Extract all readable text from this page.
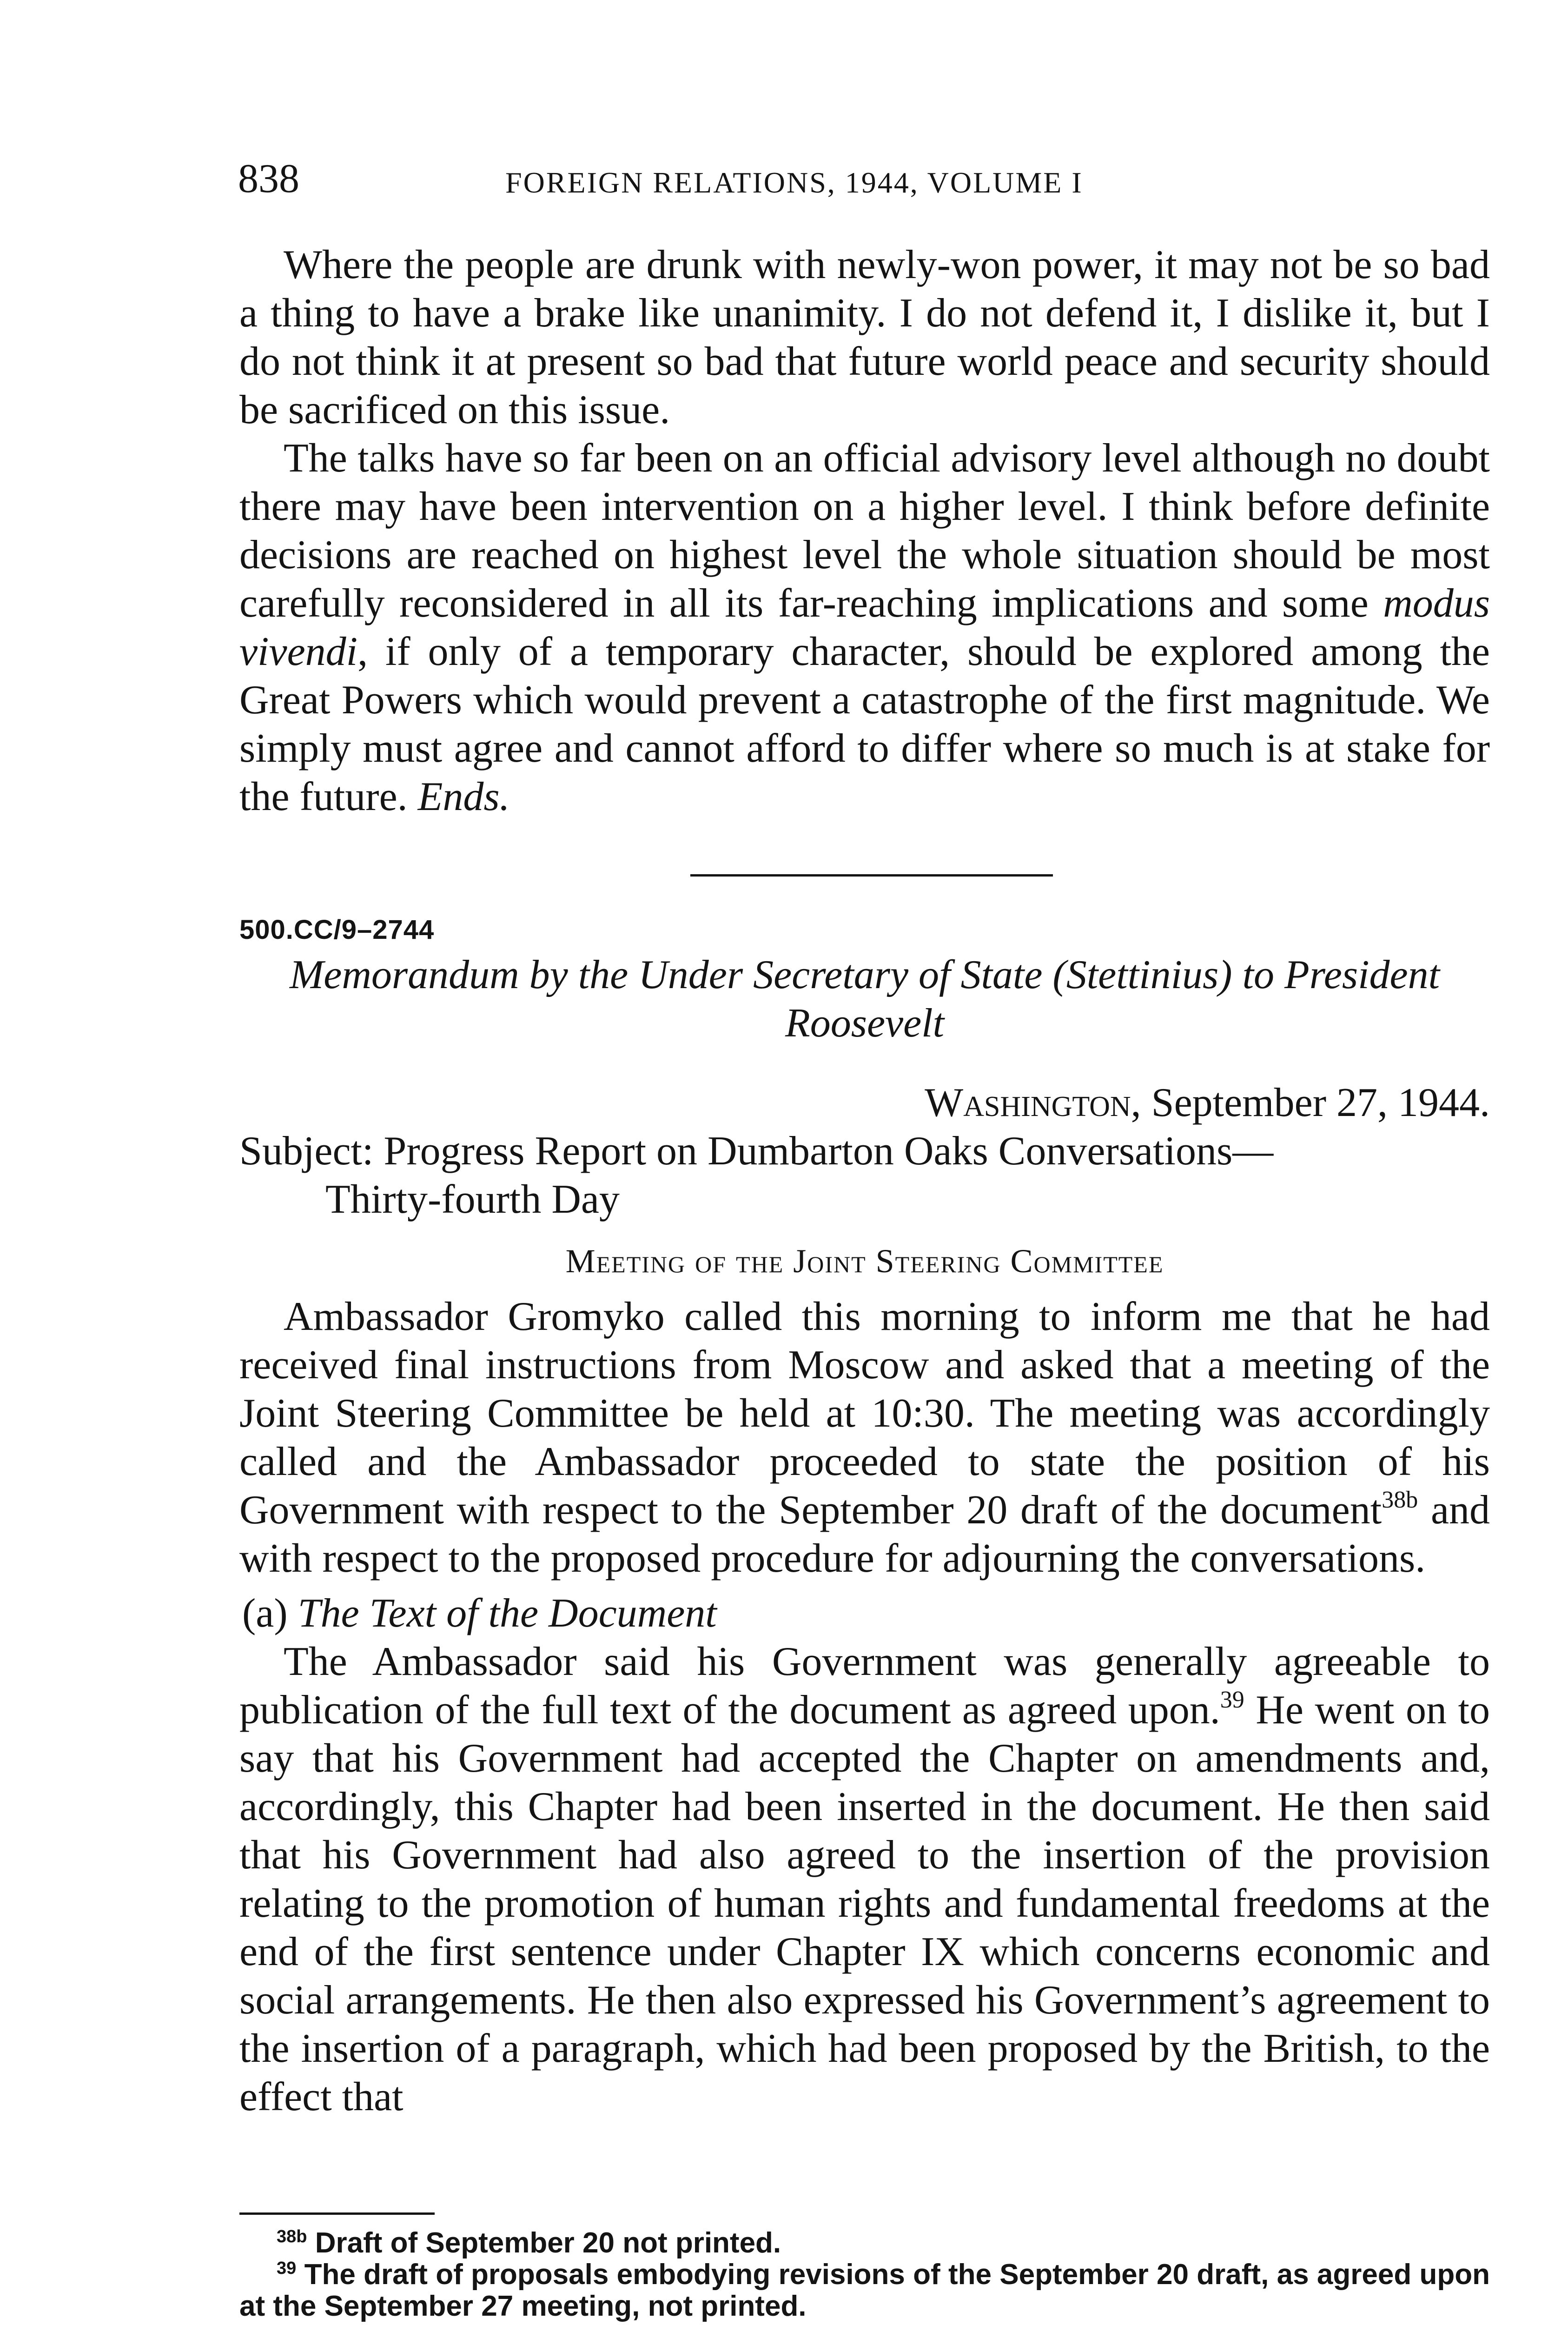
838	FOREIGN RELATIONS, 1944, VOLUME I

Where the people are drunk with newly-won power, it may not be so bad a thing to have a brake like unanimity. I do not defend it, I dislike it, but I do not think it at present so bad that future world peace and security should be sacrificed on this issue.

The talks have so far been on an official advisory level although no doubt there may have been intervention on a higher level. I think before definite decisions are reached on highest level the whole situation should be most carefully reconsidered in all its far-reaching implications and some modus vivendi, if only of a temporary character, should be explored among the Great Powers which would prevent a catastrophe of the first magnitude. We simply must agree and cannot afford to differ where so much is at stake for the future. Ends.

500.CC/9–2744
Memorandum by the Under Secretary of State (Stettinius) to President Roosevelt
Washington, September 27, 1944.
Subject: Progress Report on Dumbarton Oaks Conversations—
Thirty-fourth Day
Meeting of the Joint Steering Committee

Ambassador Gromyko called this morning to inform me that he had received final instructions from Moscow and asked that a meeting of the Joint Steering Committee be held at 10:30. The meeting was accordingly called and the Ambassador proceeded to state the position of his Government with respect to the September 20 draft of the document$^{38b}$ and with respect to the proposed procedure for adjourning the conversations.

(a) The Text of the Document

The Ambassador said his Government was generally agreeable to publication of the full text of the document as agreed upon.$^{39}$ He went on to say that his Government had accepted the Chapter on amendments and, accordingly, this Chapter had been inserted in the document. He then said that his Government had also agreed to the insertion of the provision relating to the promotion of human rights and fundamental freedoms at the end of the first sentence under Chapter IX which concerns economic and social arrangements. He then also expressed his Government’s agreement to the insertion of a paragraph, which had been proposed by the British, to the effect that

$^{38b}$ Draft of September 20 not printed.

$^{39}$ The draft of proposals embodying revisions of the September 20 draft, as agreed upon at the September 27 meeting, not printed.
